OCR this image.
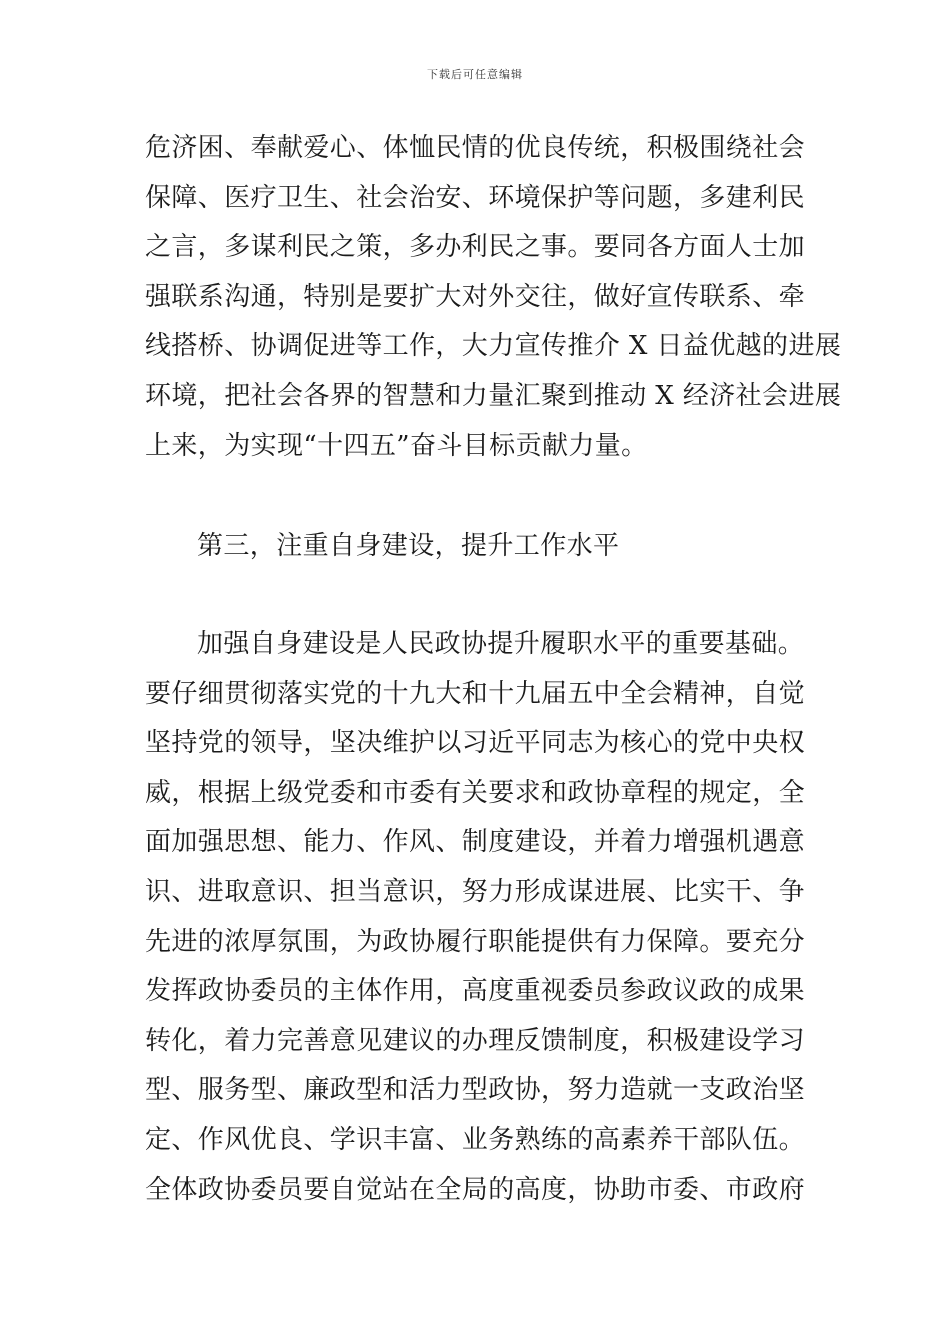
下载后可任意编辑
危济困、奉献爱心、体恤民情的优良传统，积极围绕社会
保障、医疗卫生、社会治安、环境保护等问题，多建利民
之言，多谋利民之策，多办利民之事。要同各方面人士加
强联系沟通，特别是要扩大对外交往，做好宣传联系、牵
线搭桥、协调促进等工作，大力宣传推介 X 日益优越的进展
环境，把社会各界的智慧和力量汇聚到推动 X 经济社会进展
上来，为实现“十四五”奋斗目标贡献力量。
第三，注重自身建设，提升工作水平
加强自身建设是人民政协提升履职水平的重要基础。
要仔细贯彻落实党的十九大和十九届五中全会精神，自觉
坚持党的领导，坚决维护以习近平同志为核心的党中央权
威，根据上级党委和市委有关要求和政协章程的规定，全
面加强思想、能力、作风、制度建设，并着力增强机遇意
识、进取意识、担当意识，努力形成谋进展、比实干、争
先进的浓厚氛围，为政协履行职能提供有力保障。要充分
发挥政协委员的主体作用，高度重视委员参政议政的成果
转化，着力完善意见建议的办理反馈制度，积极建设学习
型、服务型、廉政型和活力型政协，努力造就一支政治坚
定、作风优良、学识丰富、业务熟练的高素养干部队伍。
全体政协委员要自觉站在全局的高度，协助市委、市政府
